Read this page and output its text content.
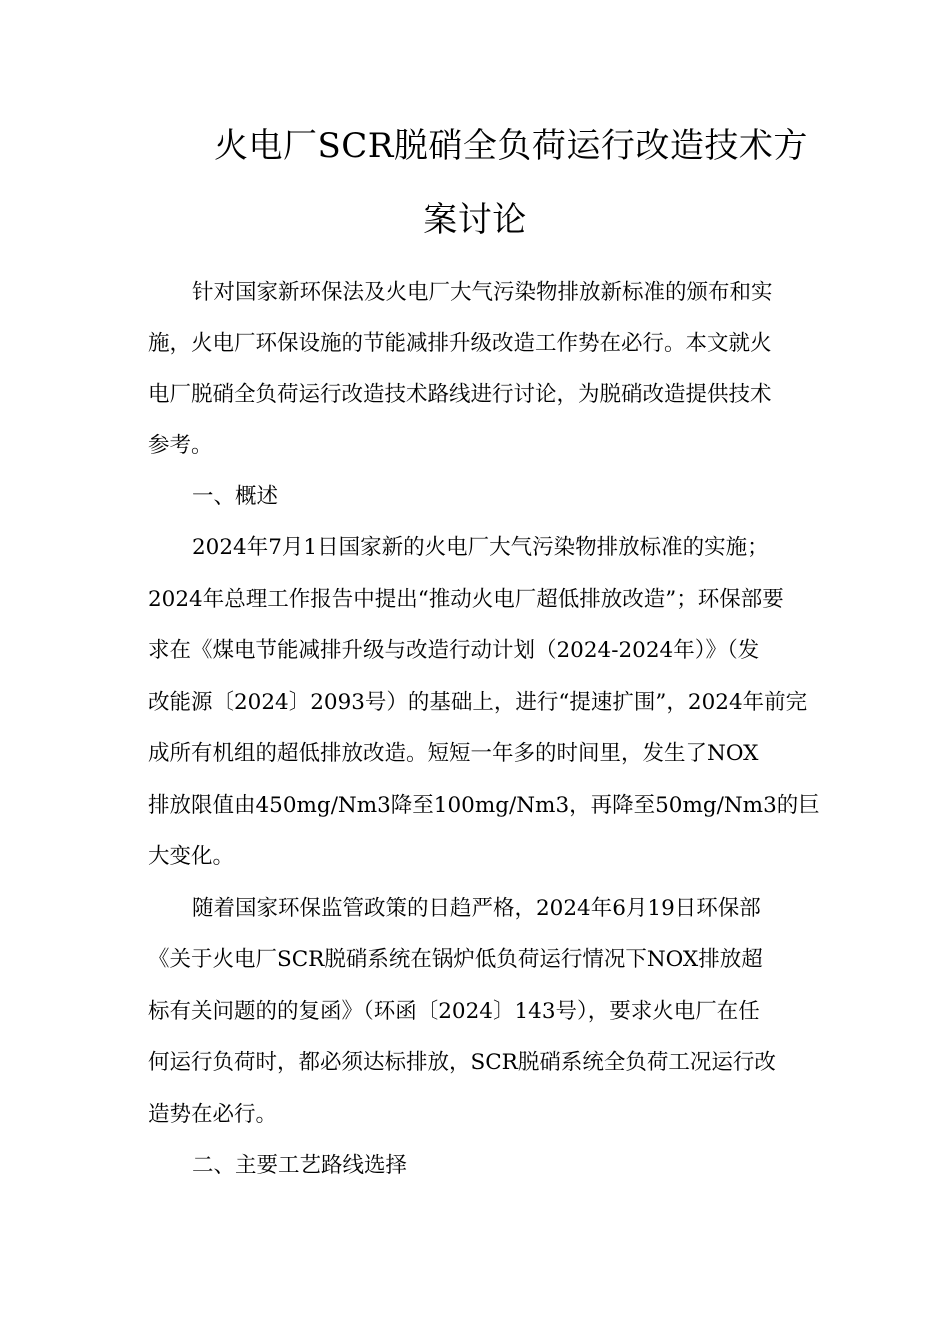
火电厂SCR脱硝全负荷运行改造技术方
案讨论
针对国家新环保法及火电厂大气污染物排放新标准的颁布和实
施，火电厂环保设施的节能减排升级改造工作势在必行。本文就火
电厂脱硝全负荷运行改造技术路线进行讨论，为脱硝改造提供技术
参考。
一、概述
2024年7月1日国家新的火电厂大气污染物排放标准的实施；
2024年总理工作报告中提出“推动火电厂超低排放改造”；环保部要
求在《煤电节能减排升级与改造行动计划（2024-2024年）》（发
改能源〔2024〕2093号）的基础上，进行“提速扩围”，2024年前完
成所有机组的超低排放改造。短短一年多的时间里，发生了NOX
排放限值由450mg/Nm3降至100mg/Nm3，再降至50mg/Nm3的巨
大变化。
随着国家环保监管政策的日趋严格，2024年6月19日环保部
《关于火电厂SCR脱硝系统在锅炉低负荷运行情况下NOX排放超
标有关问题的的复函》（环函〔2024〕143号），要求火电厂在任
何运行负荷时，都必须达标排放，SCR脱硝系统全负荷工况运行改
造势在必行。
二、主要工艺路线选择
